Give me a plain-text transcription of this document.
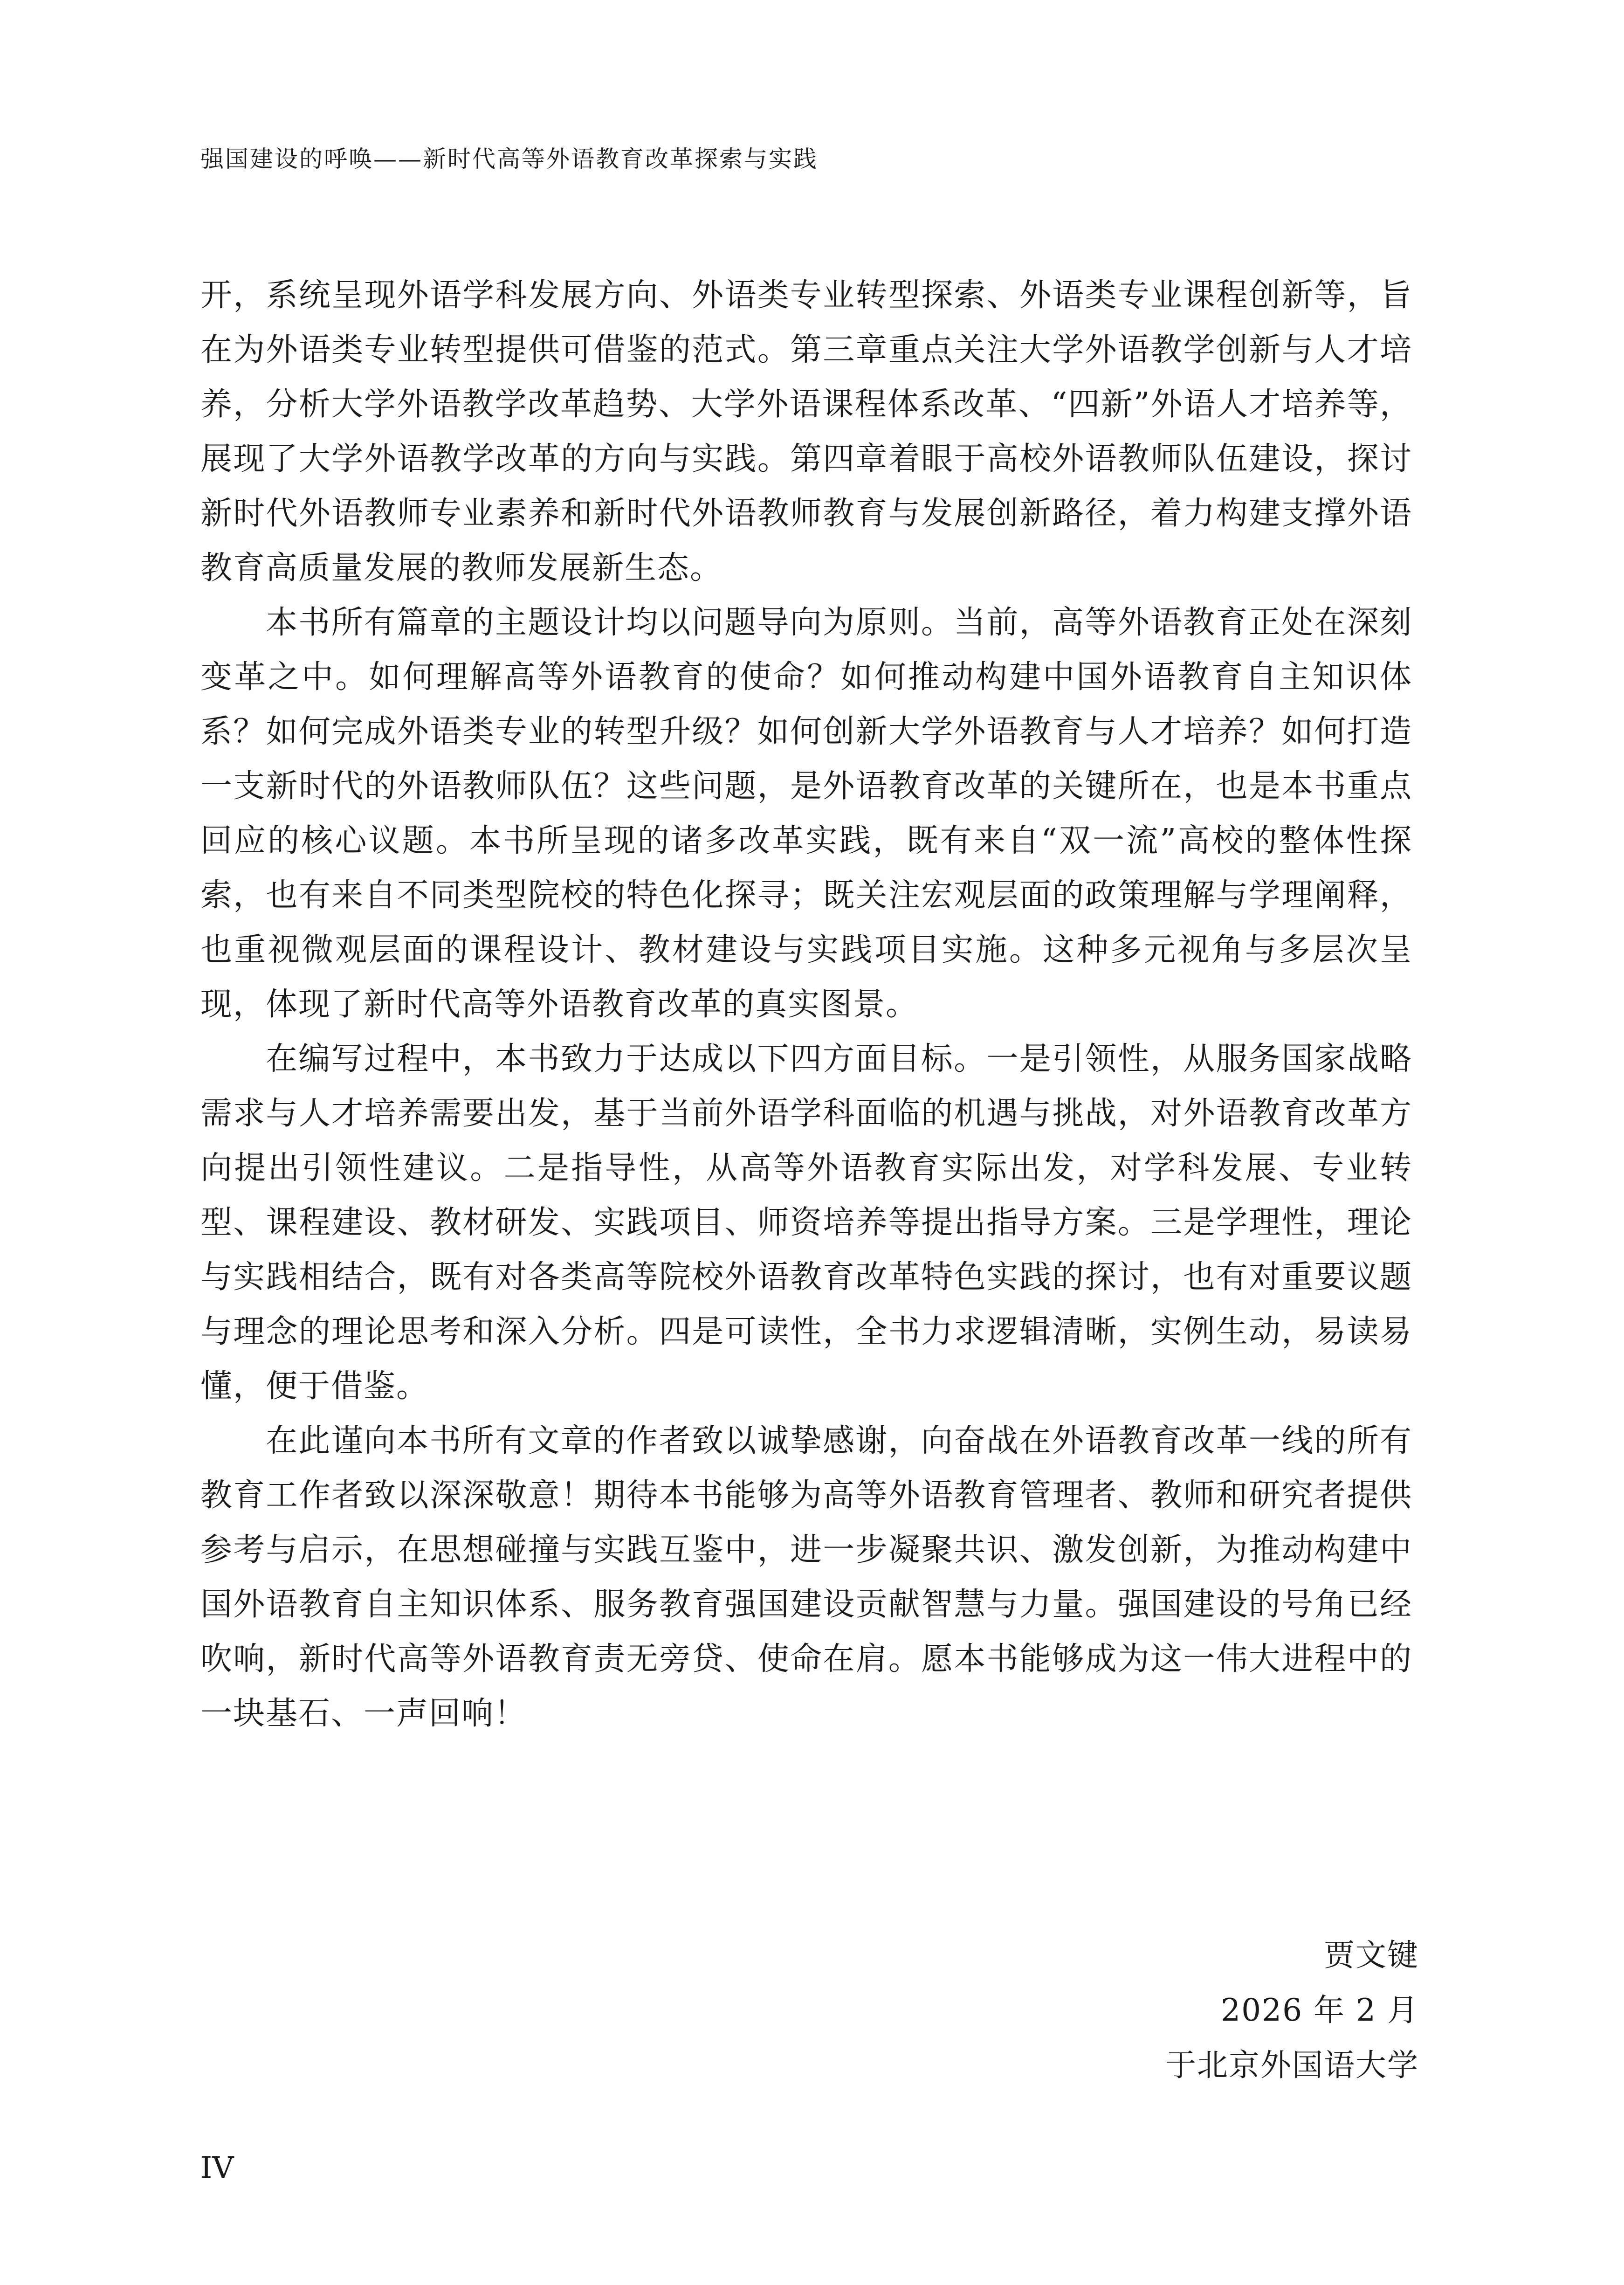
强国建设的呼唤——新时代高等外语教育改革探索与实践

开，系统呈现外语学科发展方向、外语类专业转型探索、外语类专业课程创新等，旨在为外语类专业转型提供可借鉴的范式。第三章重点关注大学外语教学创新与人才培养，分析大学外语教学改革趋势、大学外语课程体系改革、“四新”外语人才培养等，展现了大学外语教学改革的方向与实践。第四章着眼于高校外语教师队伍建设，探讨新时代外语教师专业素养和新时代外语教师教育与发展创新路径，着力构建支撑外语教育高质量发展的教师发展新生态。

本书所有篇章的主题设计均以问题导向为原则。当前，高等外语教育正处在深刻变革之中。如何理解高等外语教育的使命？如何推动构建中国外语教育自主知识体系？如何完成外语类专业的转型升级？如何创新大学外语教育与人才培养？如何打造一支新时代的外语教师队伍？这些问题，是外语教育改革的关键所在，也是本书重点回应的核心议题。本书所呈现的诸多改革实践，既有来自“双一流”高校的整体性探索，也有来自不同类型院校的特色化探寻；既关注宏观层面的政策理解与学理阐释，也重视微观层面的课程设计、教材建设与实践项目实施。这种多元视角与多层次呈现，体现了新时代高等外语教育改革的真实图景。

在编写过程中，本书致力于达成以下四方面目标。一是引领性，从服务国家战略需求与人才培养需要出发，基于当前外语学科面临的机遇与挑战，对外语教育改革方向提出引领性建议。二是指导性，从高等外语教育实际出发，对学科发展、专业转型、课程建设、教材研发、实践项目、师资培养等提出指导方案。三是学理性，理论与实践相结合，既有对各类高等院校外语教育改革特色实践的探讨，也有对重要议题与理念的理论思考和深入分析。四是可读性，全书力求逻辑清晰，实例生动，易读易懂，便于借鉴。

在此谨向本书所有文章的作者致以诚挚感谢，向奋战在外语教育改革一线的所有教育工作者致以深深敬意！期待本书能够为高等外语教育管理者、教师和研究者提供参考与启示，在思想碰撞与实践互鉴中，进一步凝聚共识、激发创新，为推动构建中国外语教育自主知识体系、服务教育强国建设贡献智慧与力量。强国建设的号角已经吹响，新时代高等外语教育责无旁贷、使命在肩。愿本书能够成为这一伟大进程中的一块基石、一声回响！

贾文键
2026 年 2 月
于北京外国语大学
IV
